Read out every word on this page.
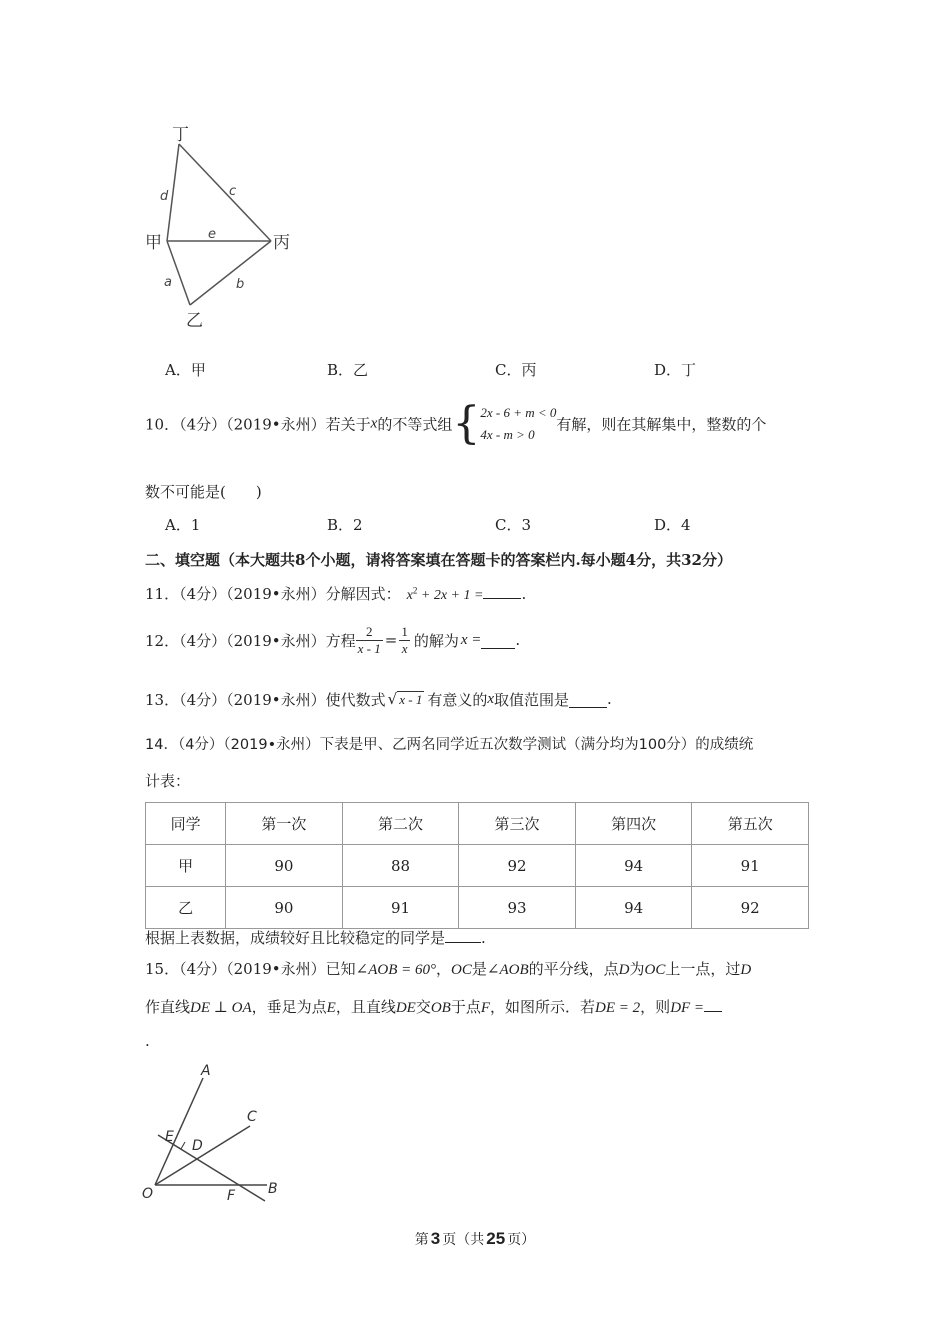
丁
甲	丙
乙
d	c
e
a	b
A．甲	B．乙	C．丙	D．丁
10．（4分）（2019•永州）若关于x的不等式组{ 2x - 6 + m < 0
4x - m > 0
有解，则在其解集中，整数的个
数不可能是(　　)
A．1	B．2	C．3	D．4
二、填空题（本大题共8个小题，请将答案填在答题卡的答案栏内.每小题4分，共32分）
11．（4分）（2019•永州）分解因式： $x^2 + 2x + 1$ =	.
12．（4分）（2019•永州）方程 $\frac{2}{x - 1} = \frac{1}{x}$ 的解为 x = .
13．（4分）（2019•永州）使代数式 √ x - 1 有意义的 x 取值范围是	.
14．（4分）（2019•永州）下表是甲、乙两名同学近五次数学测试（满分均为100分）的成绩统
计表：
同学	第一次	第二次	第三次	第四次	第五次
甲	90	88	92	94	91
乙	90	91	93	94	92
根据上表数据，成绩较好且比较稳定的同学是 .
15．（4分）（2019•永州）已知∠AOB = 60°，OC是∠AOB的平分线，点D为OC上一点，过D
作直线DE ⊥ OA，垂足为点E，且直线DE交OB于点F，如图所示．若DE = 2，则DF =
.
A
C
E
D
O	F B
第 3 页（共 25 页）
